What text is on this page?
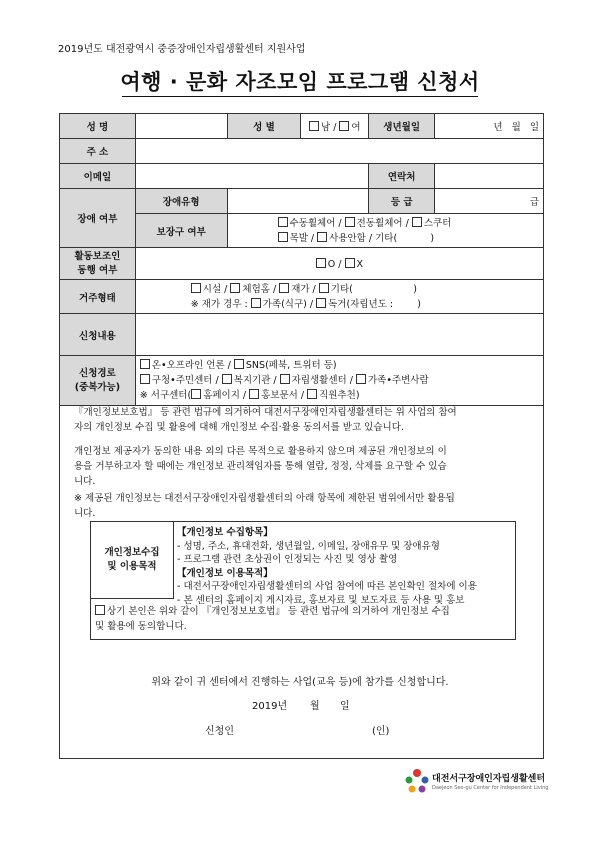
2019년도 대전광역시 중증장애인자립생활센터 지원사업
여행 · 문화 자조모임 프로그램 신청서
성 명		성 별	남 / 여	생년월일	년   월   일
주 소					
이메일				연락처	
장애 여부	장애유형			등 급	급
	보장구 여부	수동휠체어 / 전동휠체어 / 스쿠터
목발 / 사용안함 / 기타(           )			
활동보조인
동행 여부	O / X				
거주형태	시설 / 체험홈 / 재가 / 기타(                    )
※ 재가 경우 : 가족(식구) / 독거(자립년도 :        )				
신청내용					
신청경로
(중복가능)	온•오프라인 언론 / SNS(페북, 트위터 등)
구청•주민센터 / 복지기관 / 자립생활센터 / 가족•주변사람
※ 서구센터( 홈페이지 / 홍보문서 / 직원추천)				
『개인정보보호법』 등 관련 법규에 의거하여 대전서구장애인자립생활센터는 위 사업의 참여
자의 개인정보 수집 및 활용에 대해 개인정보 수집·활용 동의서를 받고 있습니다.
개인정보 제공자가 동의한 내용 외의 다른 목적으로 활용하지 않으며 제공된 개인정보의 이
용을 거부하고자 할 때에는 개인정보 관리책임자를 통해 열람, 정정, 삭제를 요구할 수 있습
니다.
※ 제공된 개인정보는 대전서구장애인자립생활센터의 아래 항목에 제한된 범위에서만 활용됩
니다.
개인정보수집
및 이용목적
【개인정보 수집항목】
- 성명, 주소, 휴대전화, 생년월일, 이메일, 장애유무 및 장애유형
- 프로그램 관련 초상권이 인정되는 사진 및 영상 촬영
【개인정보 이용목적】
- 대전서구장애인자립생활센터의 사업 참여에 따른 본인확인 절차에 이용
- 본 센터의 홈페이지 게시자료, 홍보자료 및 보도자료 등 사용 및 홍보
상기 본인은 위와 같이 『개인정보보호법』 등 관련 법규에 의거하여 개인정보 수집
및 활용에 동의합니다.
위와 같이 귀 센터에서 진행하는 사업(교육 등)에 참가를 신청합니다.
2019년 월 일
신청인	(인)
대전서구장애인자립생활센터
Daejeon Seo-gu Center for Independent Living
